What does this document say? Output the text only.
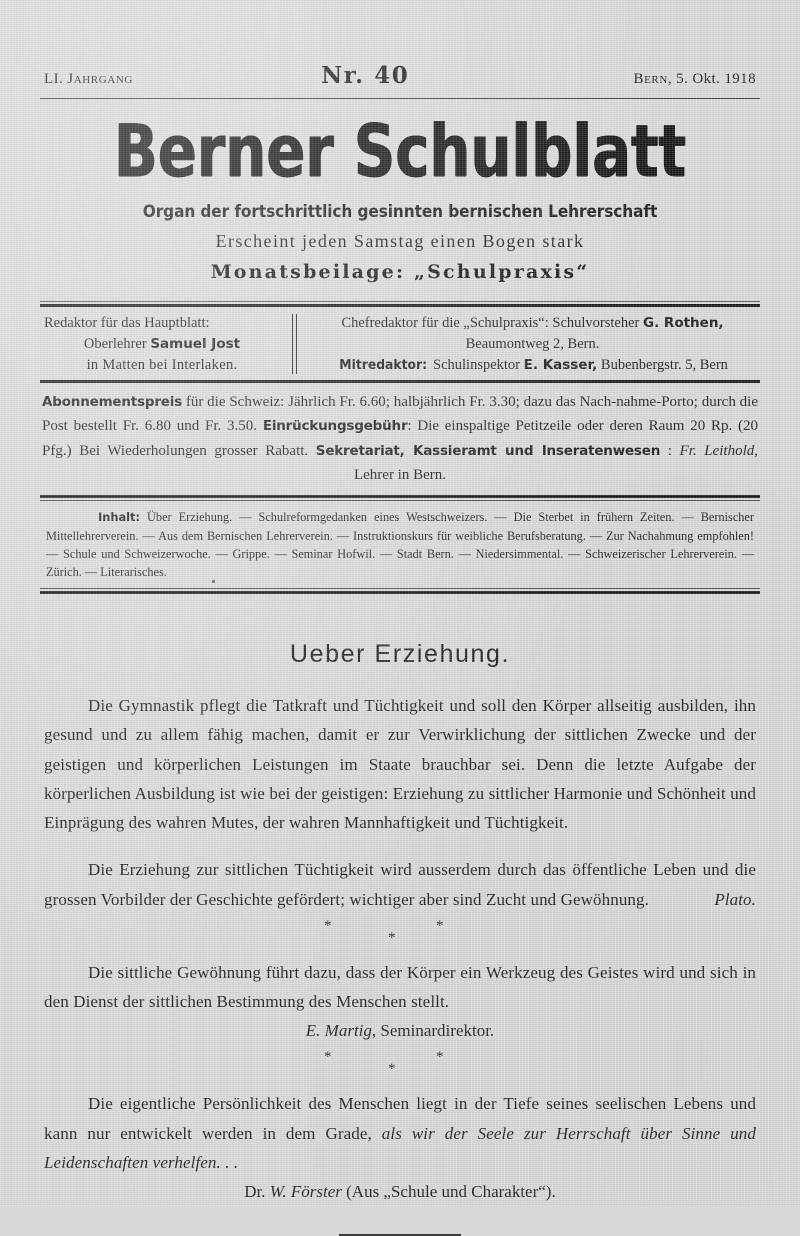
LI. Jahrgang	Nr. 40	Bern, 5. Okt. 1918
Berner Schulblatt
Organ der fortschrittlich gesinnten bernischen Lehrerschaft
Erscheint jeden Samstag einen Bogen stark
Monatsbeilage: „Schulpraxis“
Redaktor für das Hauptblatt:
Oberlehrer Samuel Jost
in Matten bei Interlaken.
Chefredaktor für die „Schulpraxis“: Schulvorsteher G. Rothen,
Beaumontweg 2, Bern.
Mitredaktor: Schulinspektor E. Kasser, Bubenbergstr. 5, Bern

Abonnementspreis für die Schweiz: Jährlich Fr. 6.60; halbjährlich Fr. 3.30; dazu das Nach-nahme-Porto; durch die Post bestellt Fr. 6.80 und Fr. 3.50. Einrückungsgebühr: Die einspaltige Petitzeile oder deren Raum 20 Rp. (20 Pfg.) Bei Wiederholungen grosser Rabatt. Sekretariat, Kassieramt und Inseratenwesen : Fr. Leithold, Lehrer in Bern.

Inhalt: Über Erziehung. — Schulreformgedanken eines Westschweizers. — Die Sterbet in frühern Zeiten. — Bernischer Mittellehrerverein. — Aus dem Bernischen Lehrerverein. — Instruktionskurs für weibliche Berufsberatung. — Zur Nachahmung empfohlen! — Schule und Schweizerwoche. — Grippe. — Seminar Hofwil. — Stadt Bern. — Niedersimmental. — Schweizerischer Lehrerverein. — Zürich. — Literarisches.
Ueber Erziehung.

Die Gymnastik pflegt die Tatkraft und Tüchtigkeit und soll den Körper allseitig ausbilden, ihn gesund und zu allem fähig machen, damit er zur Verwirklichung der sittlichen Zwecke und der geistigen und körperlichen Leistungen im Staate brauchbar sei. Denn die letzte Aufgabe der körperlichen Ausbildung ist wie bei der geistigen: Erziehung zu sittlicher Harmonie und Schönheit und Einprägung des wahren Mutes, der wahren Mannhaftigkeit und Tüchtigkeit.

Die Erziehung zur sittlichen Tüchtigkeit wird ausserdem durch das öffentliche Leben und die grossen Vorbilder der Geschichte gefördert; wichtiger aber sind Zucht und Gewöhnung.	Plato.

*
*
*

Die sittliche Gewöhnung führt dazu, dass der Körper ein Werkzeug des Geistes wird und sich in den Dienst der sittlichen Bestimmung des Menschen stellt.

E. Martig, Seminardirektor.

*
*
*

Die eigentliche Persönlichkeit des Menschen liegt in der Tiefe seines seelischen Lebens und kann nur entwickelt werden in dem Grade, als wir der Seele zur Herrschaft über Sinne und Leidenschaften verhelfen. . .

Dr. W. Förster (Aus „Schule und Charakter“).
